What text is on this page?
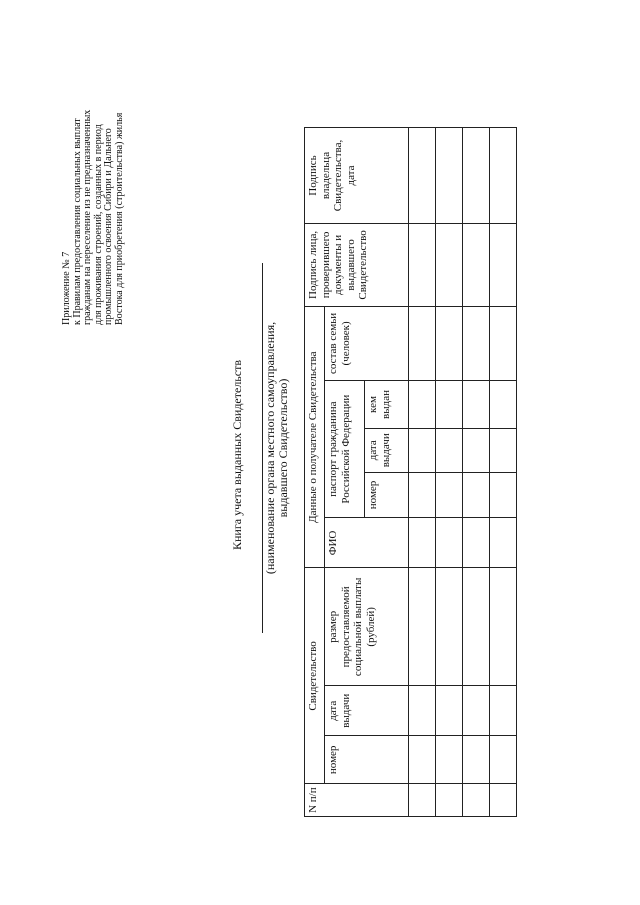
Приложение № 7 к Правилам предоставления социальных выплат гражданам на переселение из не предназначенных для проживания строений, созданных в период промышленного освоения Сибири и Дальнего Востока для приобретения (строительства) жилья
Книга учета выданных Свидетельств (наименование органа местного самоуправления, выдавшего Свидетельство)
N п/п	Свидетельство			Данные о получателе Свидетельства					Подпись лица, проверившего документы и выдавшего Свидетельство	Подпись владельца Свидетельства, дата
	номер	дата выдачи	размер предоставляемой социальной выплаты (рублей)	ФИО	паспорт гражданина Российской Федерации			состав семьи (человек)		
					номер	дата выдачи	кем выдан			
